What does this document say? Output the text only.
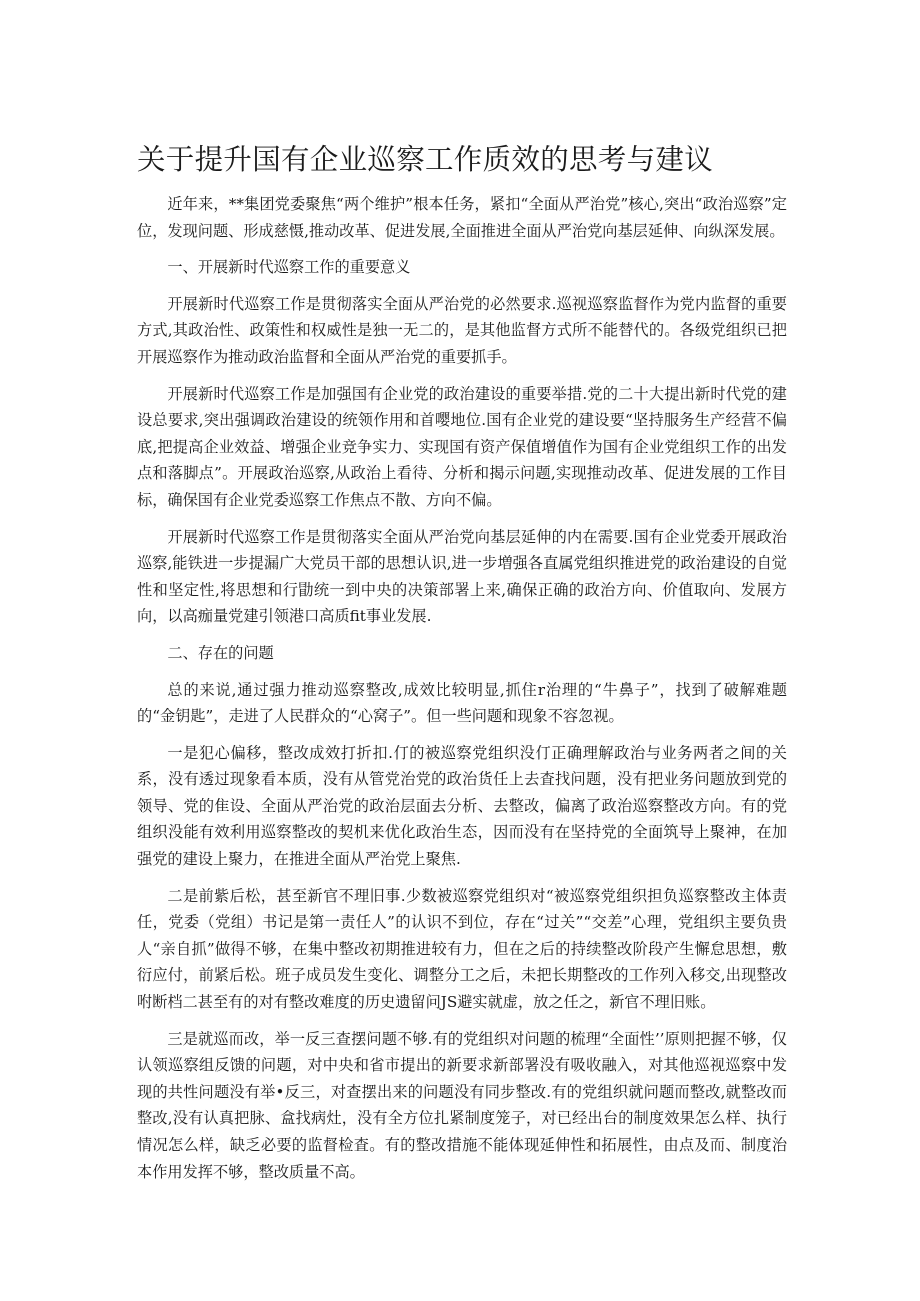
关于提升国有企业巡察工作质效的思考与建议

近年来，**集团党委聚焦“两个维护”根本任务，紧扣“全面从严治党”核心,突出“政治巡察”定位，发现问题、形成慈慑,推动改革、促进发展,全面推进全面从严治党向基层延伸、向纵深发展。

一、开展新时代巡察工作的重要意义

开展新时代巡察工作是贯彻落实全面从严治党的必然要求.巡视巡察监督作为党内监督的重要方式,其政治性、政策性和权威性是独一无二的，是其他监督方式所不能替代的。各级党组织已把开展巡察作为推动政治监督和全面从严治党的重要抓手。

开展新时代巡察工作是加强国有企业党的政治建设的重要举措.党的二十大提出新时代党的建设总要求,突出强调政治建设的统领作用和首嘤地位.国有企业党的建设要“坚持服务生产经营不偏底,把提高企业效益、增强企业竞争实力、实现国有资产保值增值作为国有企业党组织工作的出发点和落脚点”。开展政治巡察,从政治上看待、分析和揭示问题,实现推动改革、促进发展的工作目标，确保国有企业党委巡察工作焦点不散、方向不偏。

开展新时代巡察工作是贯彻落实全面从严治党向基层延伸的内在需要.国有企业党委开展政治巡察,能铁进一步提漏广大党员干部的思想认识,进一步増强各直属党组织推进党的政治建设的自觉性和坚定性,将思想和行勖统一到中央的决策部署上来,确保正确的政治方向、价值取向、发展方向，以高痂量党建引领港口高质fit事业发展.

二、存在的问题

总的来说,通过强力推动巡察整改,成效比较明显,抓住r治理的“牛鼻子”，找到了破解难题的“金钥匙”，走进了人民群众的“心窝子”。但一些问题和现象不容忽视。

一是犯心偏移，整改成效打折扣.仃的被巡察党组织没仃正确理解政治与业务两者之间的关系，没有透过现象看本质，没有从管党治党的政治货任上去査找问题，没有把业务问题放到党的领导、党的隹设、全面从严治党的政治层面去分析、去整改，偏离了政治巡察整改方向。有的党组织没能有效利用巡察整改的契机来优化政治生态，因而没有在坚持党的全面筑导上聚神，在加强党的建设上聚力，在推进全面从严治党上聚焦.

二是前紫后松，甚至新官不理旧事.少数被巡察党组织对“被巡察党组织担负巡察整改主体责任，党委（党组）书记是第一责任人”的认识不到位，存在“过关”“交差”心理，党组织主要负贵人“亲自抓”做得不够，在集中整改初期推进较有力，但在之后的持续整改阶段产生懈怠思想，敷衍应付，前紧后松。班子成员发生变化、调整分工之后，未把长期整改的工作列入移交,出现整改咐断档二甚至有的对有整改难度的历史遗留问JS避实就虚，放之任之，新官不理旧账。

三是就巡而改，举一反三查摆问题不够.有的党组织对问题的梳理“全面性’’原则把握不够，仅认领巡察组反馈的问题，对中央和省市提出的新要求新部署没有吸收融入，对其他巡视巡察中发现的共性问题没有举•反三，对查摆出来的问题没有同步整改.有的党组织就问题而整改,就整改而整改,没有认真把脉、盒找病灶，没有全方位扎紧制度笼子，对已经出台的制度效果怎么样、执行情况怎么样，缺乏必要的监督检査。有的整改措施不能体现延伸性和拓展性，由点及而、制度治本作用发挥不够，整改质量不高。
